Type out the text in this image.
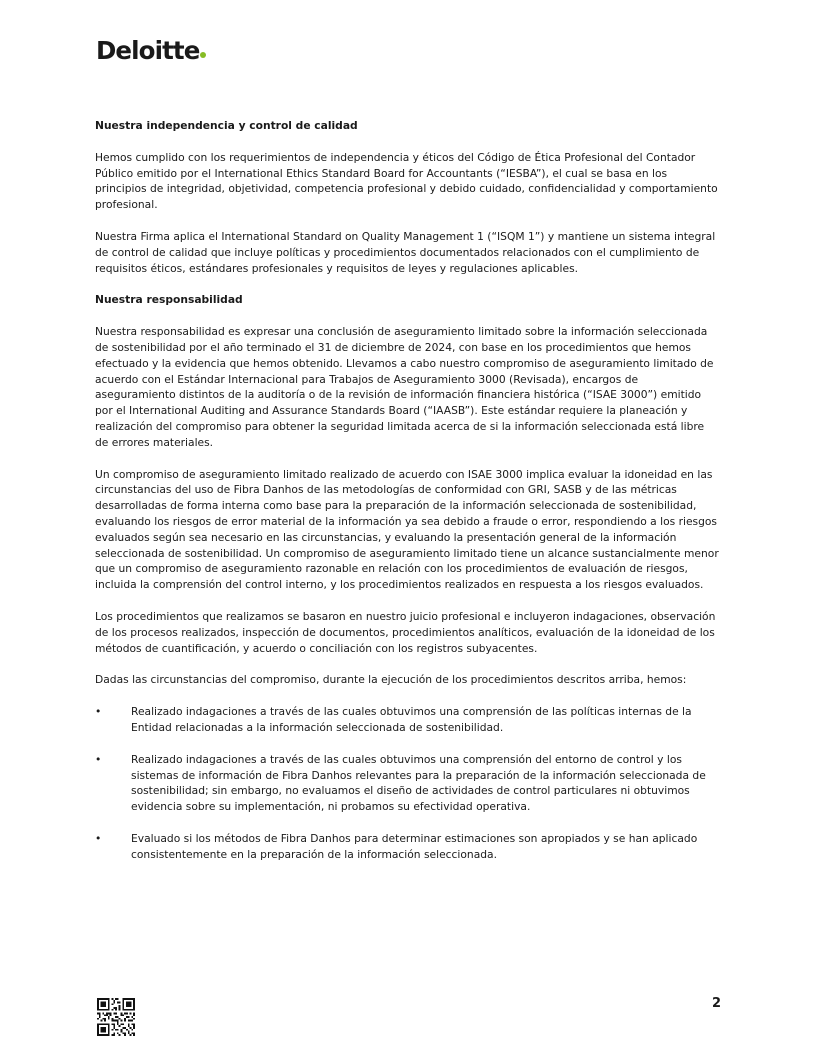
Deloitte
Nuestra independencia y control de calidad

Hemos cumplido con los requerimientos de independencia y éticos del Código de Ética Profesional del Contador Público emitido por el International Ethics Standard Board for Accountants (“IESBA”), el cual se basa en los principios de integridad, objetividad, competencia profesional y debido cuidado, confidencialidad y comportamiento profesional.

Nuestra Firma aplica el International Standard on Quality Management 1 (“ISQM 1”) y mantiene un sistema integral de control de calidad que incluye políticas y procedimientos documentados relacionados con el cumplimiento de requisitos éticos, estándares profesionales y requisitos de leyes y regulaciones aplicables.

Nuestra responsabilidad

Nuestra responsabilidad es expresar una conclusión de aseguramiento limitado sobre la información seleccionada de sostenibilidad por el año terminado el 31 de diciembre de 2024, con base en los procedimientos que hemos efectuado y la evidencia que hemos obtenido. Llevamos a cabo nuestro compromiso de aseguramiento limitado de acuerdo con el Estándar Internacional para Trabajos de Aseguramiento 3000 (Revisada), encargos de aseguramiento distintos de la auditoría o de la revisión de información financiera histórica (“ISAE 3000”) emitido por el International Auditing and Assurance Standards Board (“IAASB”). Este estándar requiere la planeación y realización del compromiso para obtener la seguridad limitada acerca de si la información seleccionada está libre de errores materiales.

Un compromiso de aseguramiento limitado realizado de acuerdo con ISAE 3000 implica evaluar la idoneidad en las circunstancias del uso de Fibra Danhos de las metodologías de conformidad con GRI, SASB y de las métricas desarrolladas de forma interna como base para la preparación de la información seleccionada de sostenibilidad, evaluando los riesgos de error material de la información ya sea debido a fraude o error, respondiendo a los riesgos evaluados según sea necesario en las circunstancias, y evaluando la presentación general de la información seleccionada de sostenibilidad. Un compromiso de aseguramiento limitado tiene un alcance sustancialmente menor que un compromiso de aseguramiento razonable en relación con los procedimientos de evaluación de riesgos, incluida la comprensión del control interno, y los procedimientos realizados en respuesta a los riesgos evaluados.

Los procedimientos que realizamos se basaron en nuestro juicio profesional e incluyeron indagaciones, observación de los procesos realizados, inspección de documentos, procedimientos analíticos, evaluación de la idoneidad de los métodos de cuantificación, y acuerdo o conciliación con los registros subyacentes.

Dadas las circunstancias del compromiso, durante la ejecución de los procedimientos descritos arriba, hemos:

•	Realizado indagaciones a través de las cuales obtuvimos una comprensión de las políticas internas de la Entidad relacionadas a la información seleccionada de sostenibilidad.
•	Realizado indagaciones a través de las cuales obtuvimos una comprensión del entorno de control y los sistemas de información de Fibra Danhos relevantes para la preparación de la información seleccionada de sostenibilidad; sin embargo, no evaluamos el diseño de actividades de control particulares ni obtuvimos evidencia sobre su implementación, ni probamos su efectividad operativa.
•	Evaluado si los métodos de Fibra Danhos para determinar estimaciones son apropiados y se han aplicado consistentemente en la preparación de la información seleccionada.
2
